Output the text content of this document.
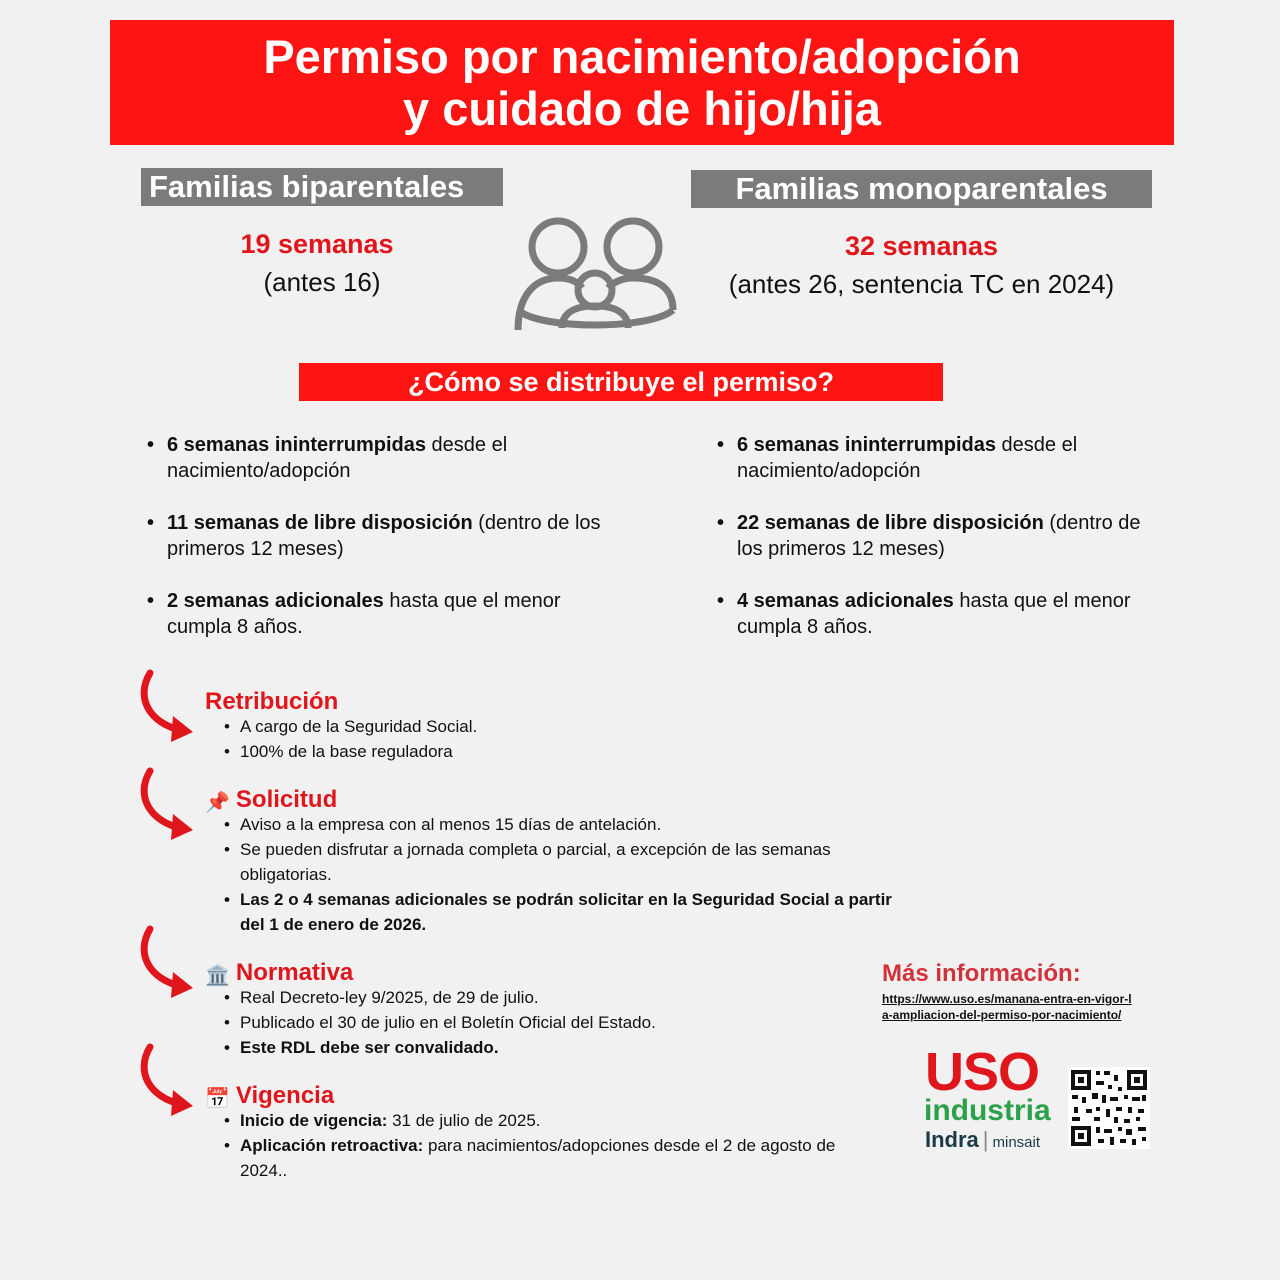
Permiso por nacimiento/adopción
y cuidado de hijo/hija
Familias biparentales	Familias monoparentales
19 semanas
(antes 16)
32 semanas
(antes 26, sentencia TC en 2024)
¿Cómo se distribuye el permiso?
• 6 semanas ininterrumpidas desde el nacimiento/adopción
• 11 semanas de libre disposición (dentro de los primeros 12 meses)
• 2 semanas adicionales hasta que el menor cumpla 8 años.
• 6 semanas ininterrumpidas desde el nacimiento/adopción
• 22 semanas de libre disposición (dentro de los primeros 12 meses)
• 4 semanas adicionales hasta que el menor cumpla 8 años.
Retribución
• A cargo de la Seguridad Social.
• 100% de la base reguladora
📌 Solicitud
• Aviso a la empresa con al menos 15 días de antelación.
• Se pueden disfrutar a jornada completa o parcial, a excepción de las semanas obligatorias.
• Las 2 o 4 semanas adicionales se podrán solicitar en la Seguridad Social a partir del 1 de enero de 2026.
🏛️ Normativa
• Real Decreto-ley 9/2025, de 29 de julio.
• Publicado el 30 de julio en el Boletín Oficial del Estado.
• Este RDL debe ser convalidado.
📅 Vigencia
• Inicio de vigencia: 31 de julio de 2025.
• Aplicación retroactiva: para nacimientos/adopciones desde el 2 de agosto de 2024..
Más información:
https://www.uso.es/manana-entra-en-vigor-la-ampliacion-del-permiso-por-nacimiento/
USO
industria
Indra | minsait
